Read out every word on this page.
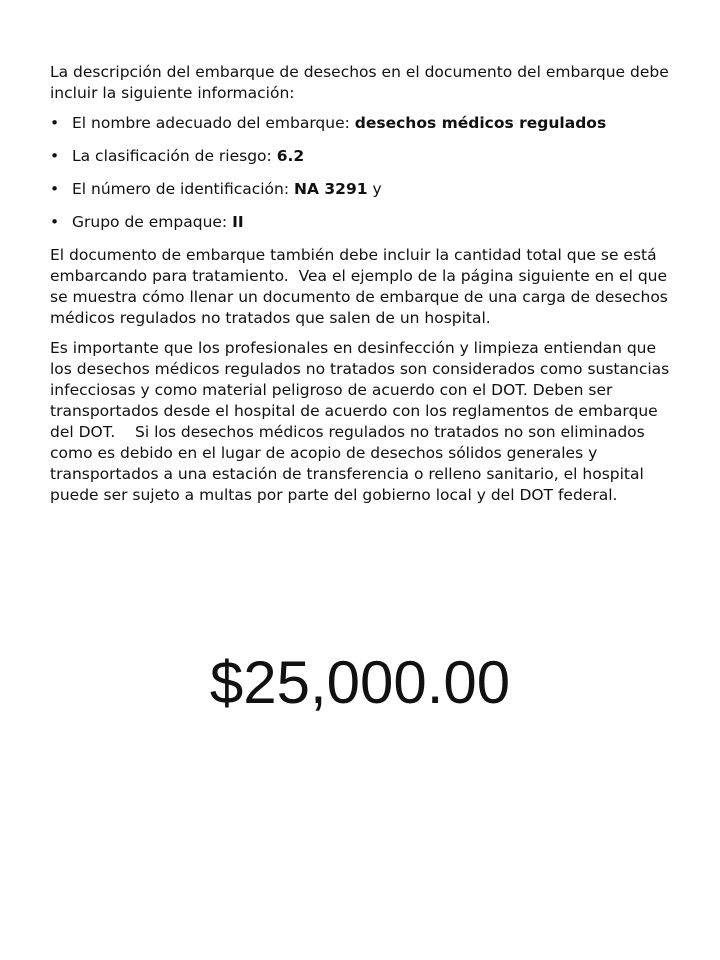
La descripción del embarque de desechos en el documento del embarque debe incluir la siguiente información:

• El nombre adecuado del embarque: desechos médicos regulados
• La clasificación de riesgo: 6.2
• El número de identificación: NA 3291 y
• Grupo de empaque: II

El documento de embarque también debe incluir la cantidad total que se está embarcando para tratamiento.  Vea el ejemplo de la página siguiente en el que se muestra cómo llenar un documento de embarque de una carga de desechos médicos regulados no tratados que salen de un hospital.

Es importante que los profesionales en desinfección y limpieza entiendan que los desechos médicos regulados no tratados son considerados como sustancias infecciosas y como material peligroso de acuerdo con el DOT. Deben ser transportados desde el hospital de acuerdo con los reglamentos de embarque del DOT.    Si los desechos médicos regulados no tratados no son eliminados como es debido en el lugar de acopio de desechos sólidos generales y transportados a una estación de transferencia o relleno sanitario, el hospital puede ser sujeto a multas por parte del gobierno local y del DOT federal.

$25,000.00
